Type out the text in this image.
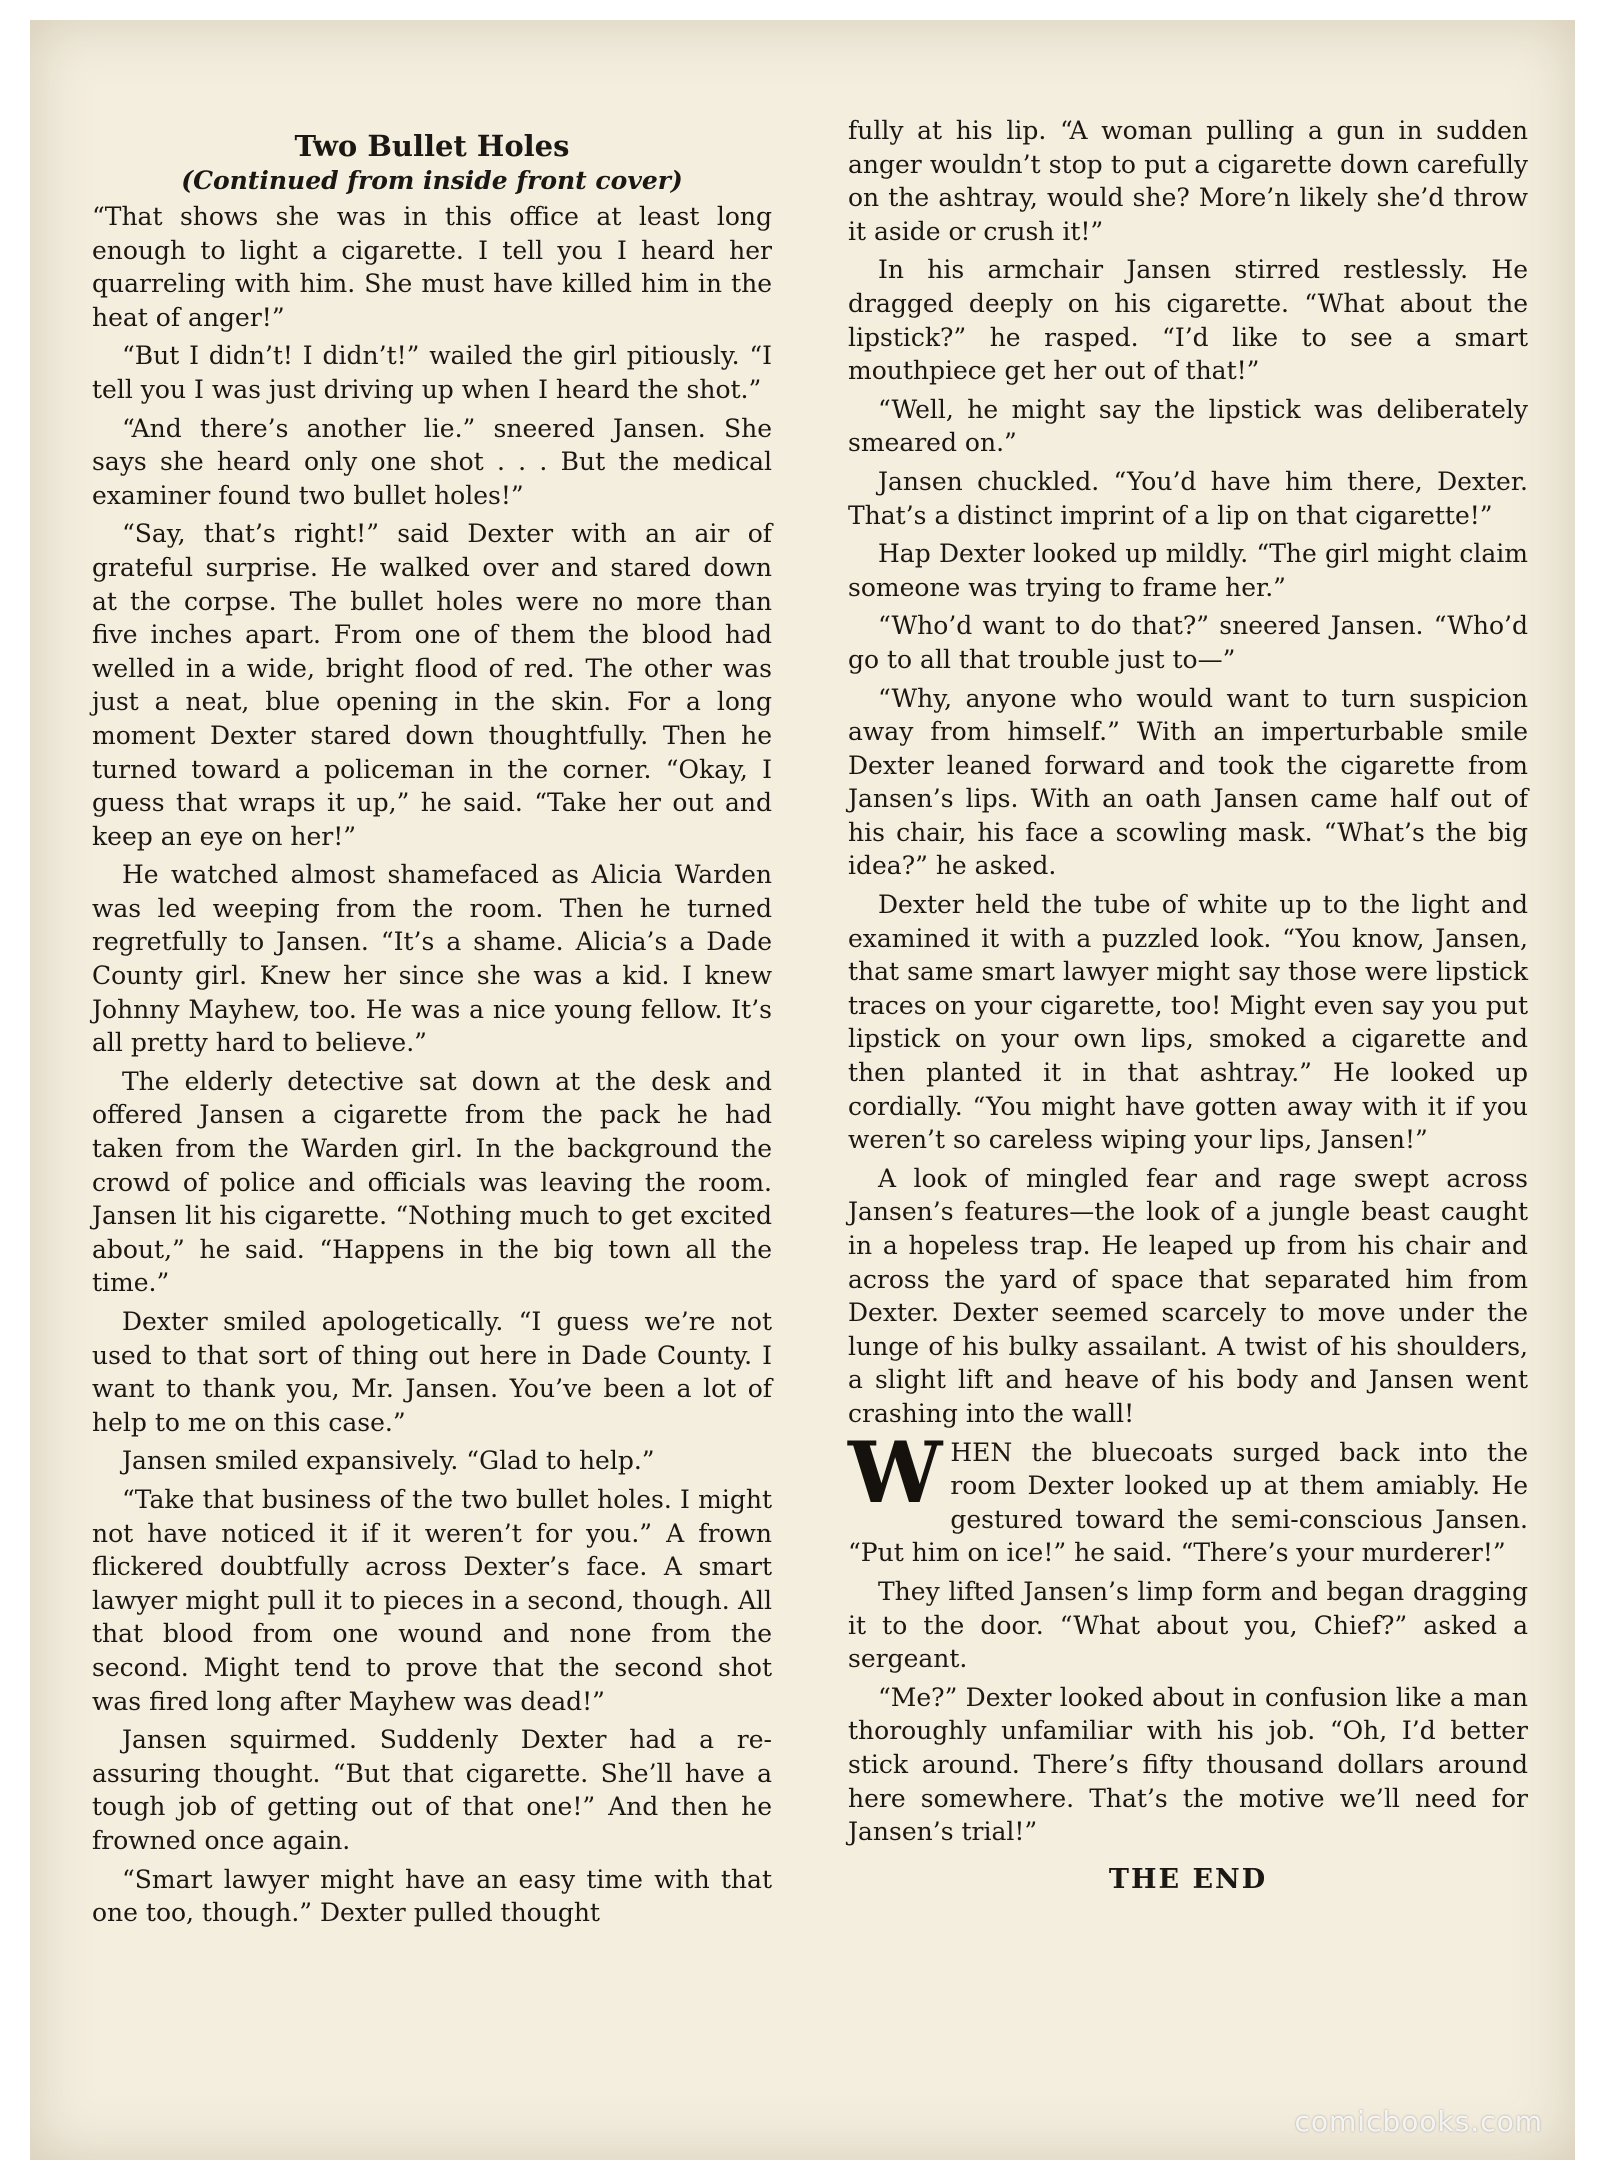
Two Bullet Holes
(Continued from inside front cover)

“That shows she was in this office at least long enough to light a cigarette. I tell you I heard her quarreling with him. She must have killed him in the heat of anger!”

“But I didn’t! I didn’t!” wailed the girl pitiously. “I tell you I was just driving up when I heard the shot.”

“And there’s another lie.” sneered Jansen. She says she heard only one shot . . . But the medical examiner found two bullet holes!”

“Say, that’s right!” said Dexter with an air of grateful surprise. He walked over and stared down at the corpse. The bullet holes were no more than five inches apart. From one of them the blood had welled in a wide, bright flood of red. The other was just a neat, blue opening in the skin. For a long moment Dexter stared down thoughtfully. Then he turned toward a policeman in the corner. “Okay, I guess that wraps it up,” he said. “Take her out and keep an eye on her!”

He watched almost shamefaced as Alicia Warden was led weeping from the room. Then he turned regretfully to Jansen. “It’s a shame. Alicia’s a Dade County girl. Knew her since she was a kid. I knew Johnny Mayhew, too. He was a nice young fellow. It’s all pretty hard to believe.”

The elderly detective sat down at the desk and offered Jansen a cigarette from the pack he had taken from the Warden girl. In the background the crowd of police and officials was leaving the room. Jansen lit his cigarette. “Nothing much to get excited about,” he said. “Happens in the big town all the time.”

Dexter smiled apologetically. “I guess we’re not used to that sort of thing out here in Dade County. I want to thank you, Mr. Jansen. You’ve been a lot of help to me on this case.”

Jansen smiled expansively. “Glad to help.”

“Take that business of the two bullet holes. I might not have noticed it if it weren’t for you.” A frown flickered doubtfully across Dexter’s face. A smart lawyer might pull it to pieces in a second, though. All that blood from one wound and none from the second. Might tend to prove that the second shot was fired long after Mayhew was dead!”

Jansen squirmed. Suddenly Dexter had a reassuring thought. “But that cigarette. She’ll have a tough job of getting out of that one!” And then he frowned once again.

“Smart lawyer might have an easy time with that one too, though.” Dexter pulled thought

fully at his lip. “A woman pulling a gun in sudden anger wouldn’t stop to put a cigarette down carefully on the ashtray, would she? More’n likely she’d throw it aside or crush it!”

In his armchair Jansen stirred restlessly. He dragged deeply on his cigarette. “What about the lipstick?” he rasped. “I’d like to see a smart mouthpiece get her out of that!”

“Well, he might say the lipstick was deliberately smeared on.”

Jansen chuckled. “You’d have him there, Dexter. That’s a distinct imprint of a lip on that cigarette!”

Hap Dexter looked up mildly. “The girl might claim someone was trying to frame her.”

“Who’d want to do that?” sneered Jansen. “Who’d go to all that trouble just to—”

“Why, anyone who would want to turn suspicion away from himself.” With an imperturbable smile Dexter leaned forward and took the cigarette from Jansen’s lips. With an oath Jansen came half out of his chair, his face a scowling mask. “What’s the big idea?” he asked.

Dexter held the tube of white up to the light and examined it with a puzzled look. “You know, Jansen, that same smart lawyer might say those were lipstick traces on your cigarette, too! Might even say you put lipstick on your own lips, smoked a cigarette and then planted it in that ashtray.” He looked up cordially. “You might have gotten away with it if you weren’t so careless wiping your lips, Jansen!”

A look of mingled fear and rage swept across Jansen’s features—the look of a jungle beast caught in a hopeless trap. He leaped up from his chair and across the yard of space that separated him from Dexter. Dexter seemed scarcely to move under the lunge of his bulky assailant. A twist of his shoulders, a slight lift and heave of his body and Jansen went crashing into the wall!

WHEN the bluecoats surged back into the room Dexter looked up at them amiably. He gestured toward the semi-conscious Jansen. “Put him on ice!” he said. “There’s your murderer!”

They lifted Jansen’s limp form and began dragging it to the door. “What about you, Chief?” asked a sergeant.

“Me?” Dexter looked about in confusion like a man thoroughly unfamiliar with his job. “Oh, I’d better stick around. There’s fifty thousand dollars around here somewhere. That’s the motive we’ll need for Jansen’s trial!”

THE END
comicbooks.com
